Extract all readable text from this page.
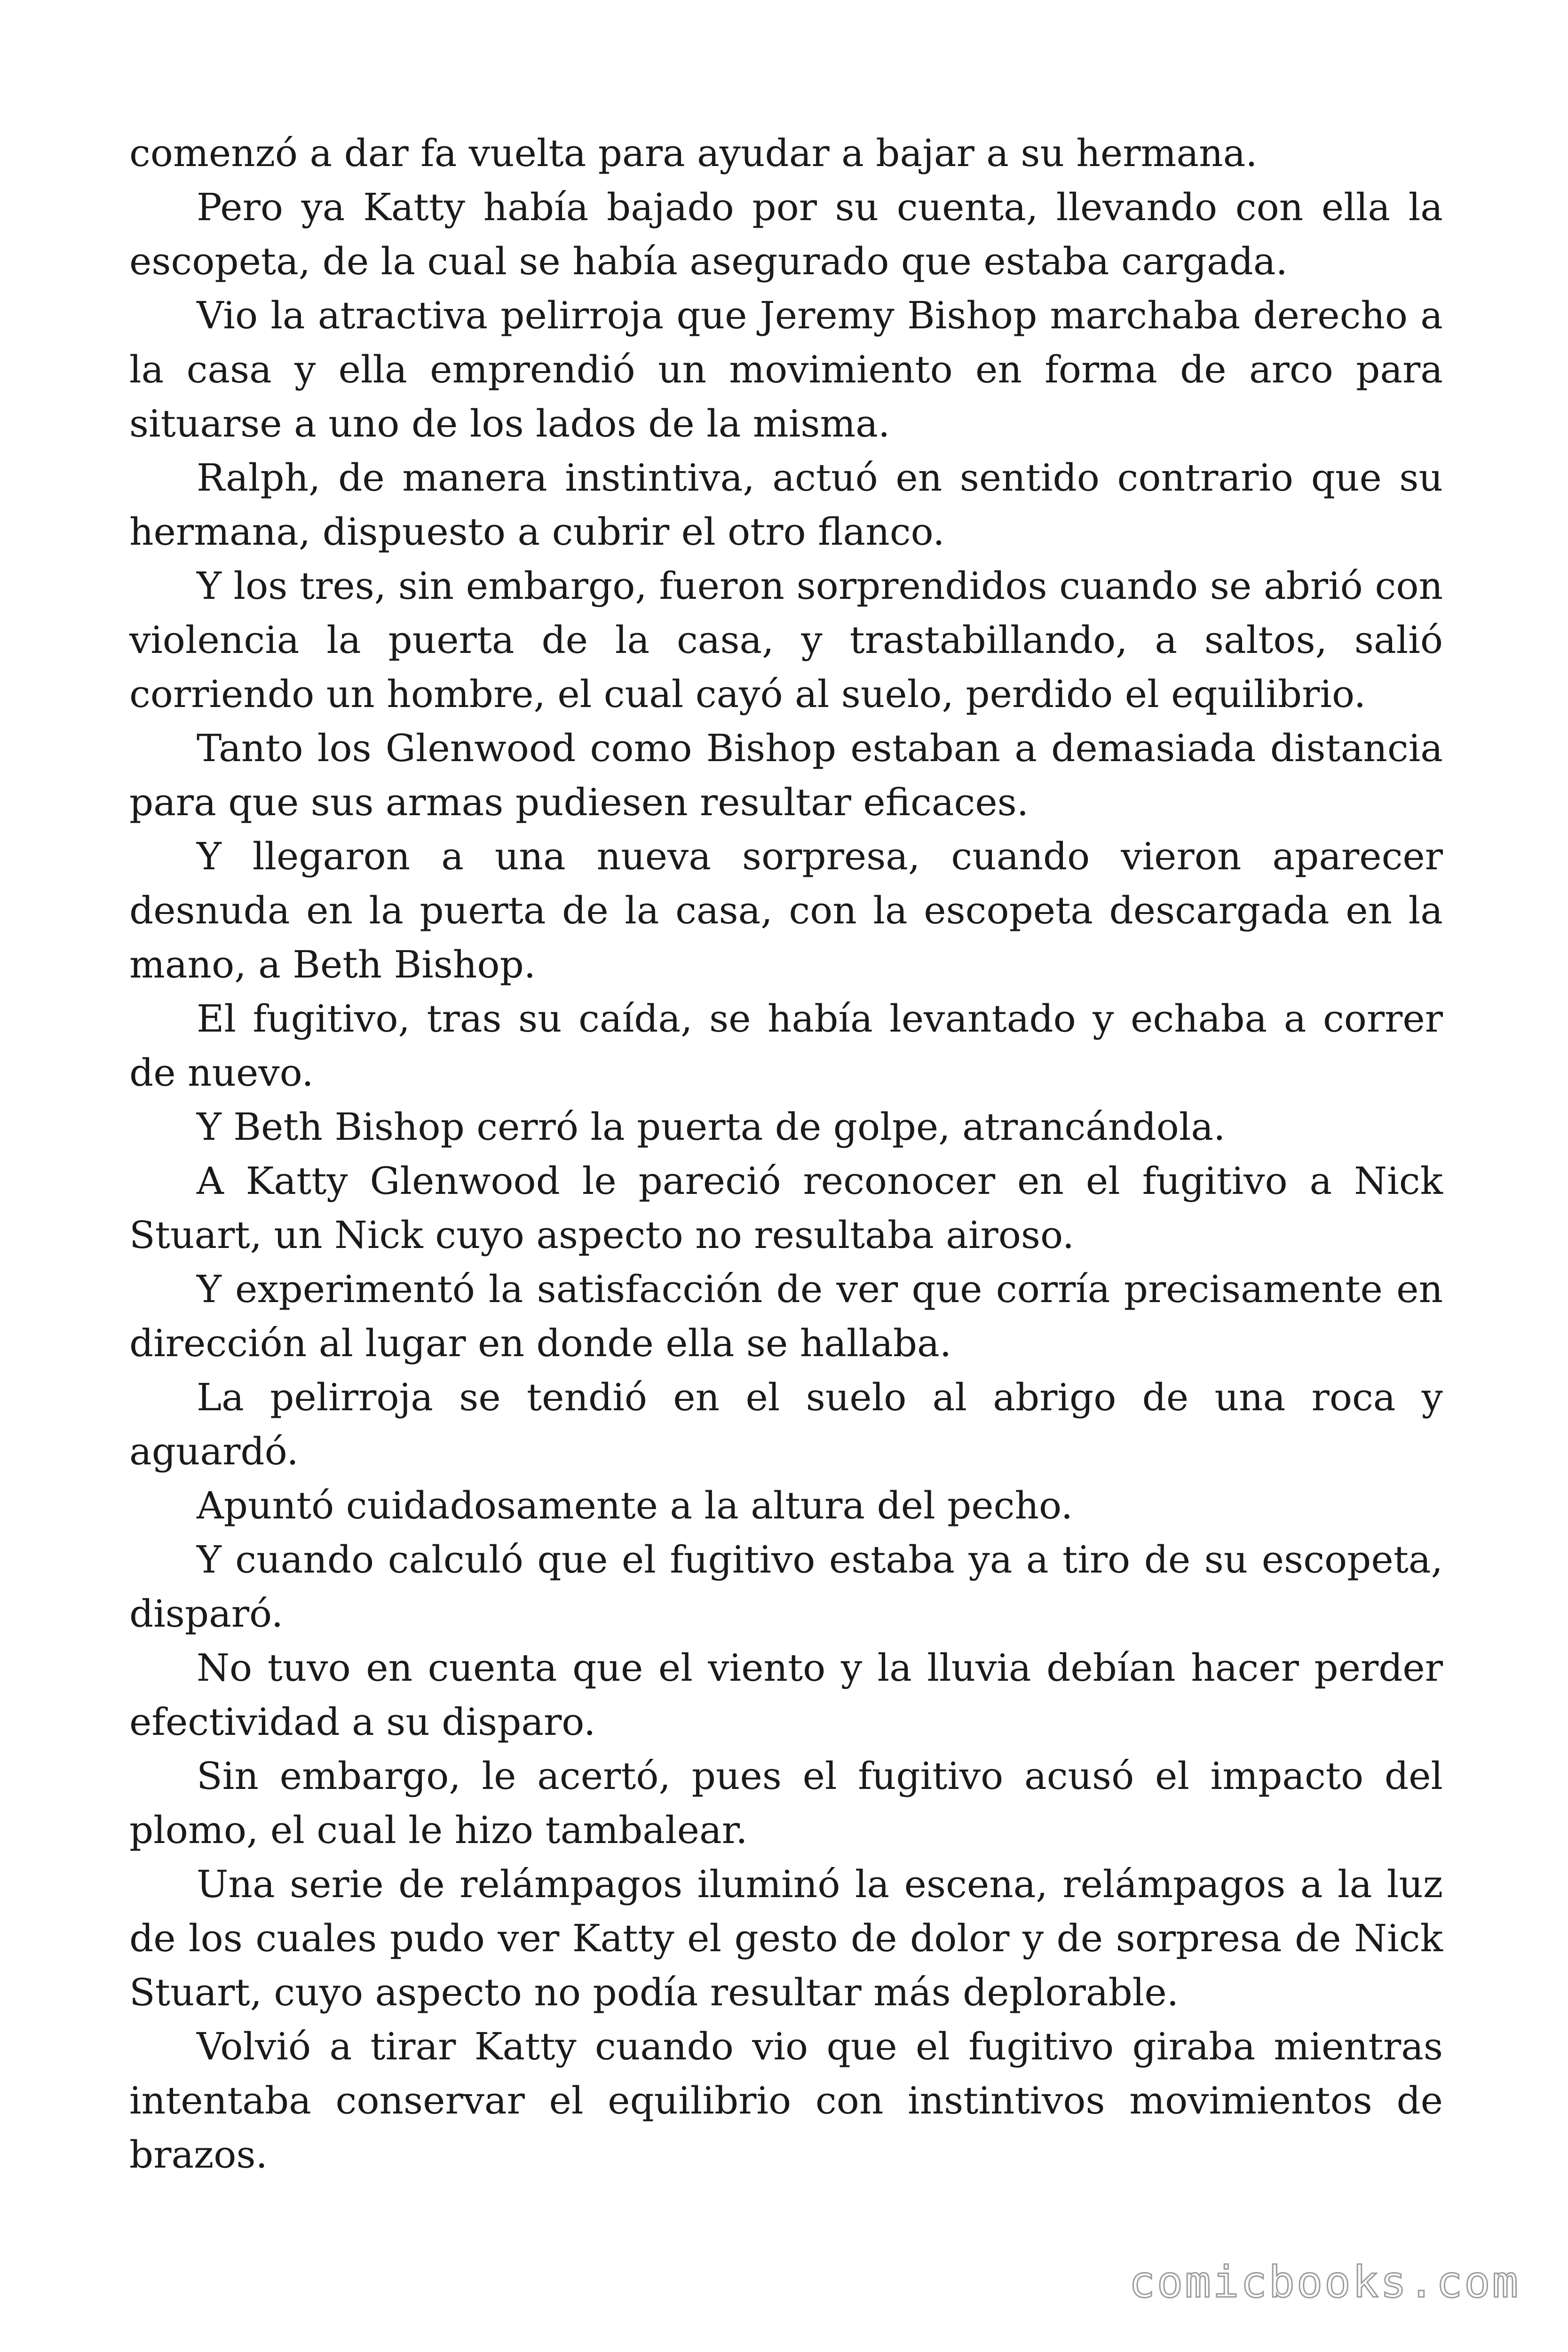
comenzó a dar fa vuelta para ayudar a bajar a su hermana.

Pero ya Katty había bajado por su cuenta, llevando con ella la escopeta, de la cual se había asegurado que estaba cargada.

Vio la atractiva pelirroja que Jeremy Bishop marchaba derecho a la casa y ella emprendió un movimiento en forma de arco para situarse a uno de los lados de la misma.

Ralph, de manera instintiva, actuó en sentido contrario que su hermana, dispuesto a cubrir el otro flanco.

Y los tres, sin embargo, fueron sorprendidos cuando se abrió con violencia la puerta de la casa, y trastabillando, a saltos, salió corriendo un hombre, el cual cayó al suelo, perdido el equilibrio.

Tanto los Glenwood como Bishop estaban a demasiada distancia para que sus armas pudiesen resultar eficaces.

Y llegaron a una nueva sorpresa, cuando vieron aparecer desnuda en la puerta de la casa, con la escopeta descargada en la mano, a Beth Bishop.

El fugitivo, tras su caída, se había levantado y echaba a correr de nuevo.

Y Beth Bishop cerró la puerta de golpe, atrancándola.

A Katty Glenwood le pareció reconocer en el fugitivo a Nick Stuart, un Nick cuyo aspecto no resultaba airoso.

Y experimentó la satisfacción de ver que corría precisamente en dirección al lugar en donde ella se hallaba.

La pelirroja se tendió en el suelo al abrigo de una roca y aguardó.

Apuntó cuidadosamente a la altura del pecho.

Y cuando calculó que el fugitivo estaba ya a tiro de su escopeta, disparó.

No tuvo en cuenta que el viento y la lluvia debían hacer perder efectividad a su disparo.

Sin embargo, le acertó, pues el fugitivo acusó el impacto del plomo, el cual le hizo tambalear.

Una serie de relámpagos iluminó la escena, relámpagos a la luz de los cuales pudo ver Katty el gesto de dolor y de sorpresa de Nick Stuart, cuyo aspecto no podía resultar más deplorable.

Volvió a tirar Katty cuando vio que el fugitivo giraba mientras intentaba conservar el equilibrio con instintivos movimientos de brazos.

comicbooks.com
